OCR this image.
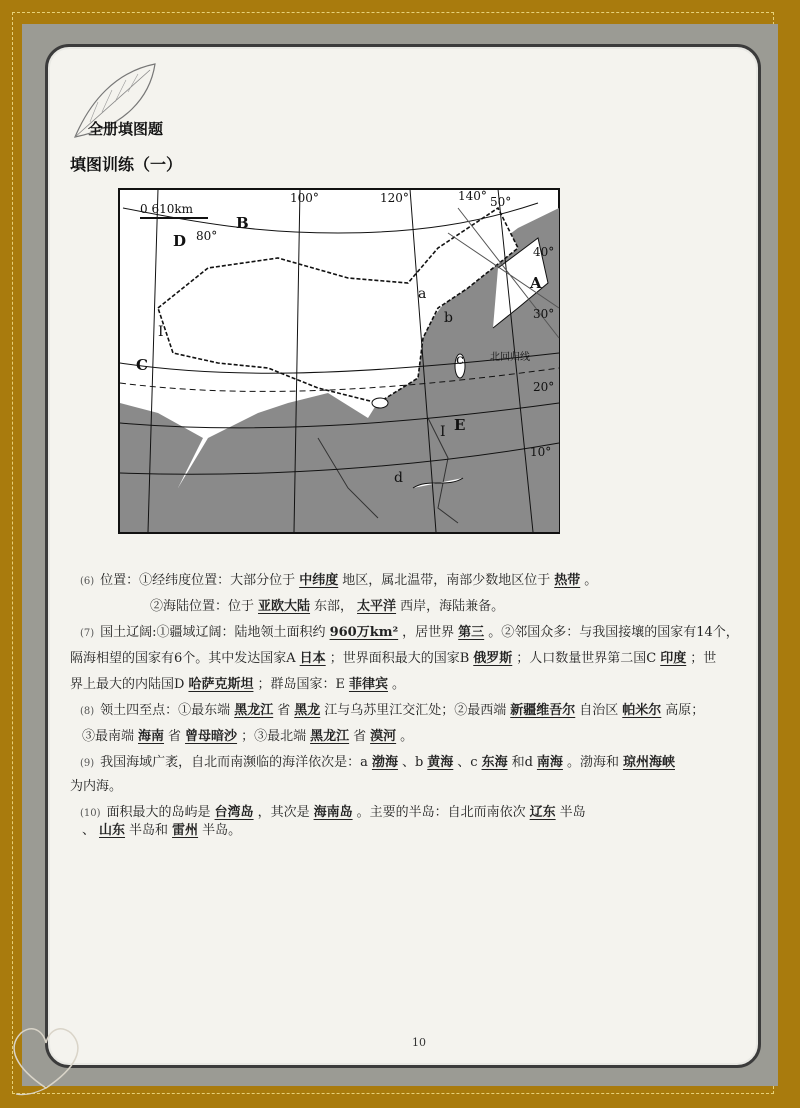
全册填图题
填图训练（一）
0 610km
100°	120°	140° 50°
40°
30°
20°
10°
80°
北回归线
A
B
C
D
E
a
b
c
d
I
I
(6) 位置：①经纬度位置：大部分位于 中纬度 地区，属北温带，南部少数地区位于 热带 。
②海陆位置：位于 亚欧大陆 东部， 太平洋 西岸，海陆兼备。
(7) 国土辽阔:①疆域辽阔：陆地领土面积约 960万km² ，居世界 第三 。②邻国众多：与我国接壤的国家有14个，
隔海相望的国家有6个。其中发达国家A 日本 ；世界面积最大的国家B 俄罗斯 ；人口数量世界第二国C 印度 ；世
界上最大的内陆国D 哈萨克斯坦 ；群岛国家：E 菲律宾 。
(8) 领土四至点：①最东端 黑龙江 省 黑龙 江与乌苏里江交汇处；②最西端 新疆维吾尔 自治区 帕米尔 高原；
③最南端 海南 省 曾母暗沙 ；③最北端 黑龙江 省 漠河 。
(9) 我国海域广袤，自北而南濒临的海洋依次是：a 渤海 、b 黄海 、c 东海 和d 南海 。渤海和 琼州海峡
为内海。
(10) 面积最大的岛屿是 台湾岛 ，其次是 海南岛 。主要的半岛：自北而南依次 辽东 半岛
、 山东 半岛和 雷州 半岛。
10
